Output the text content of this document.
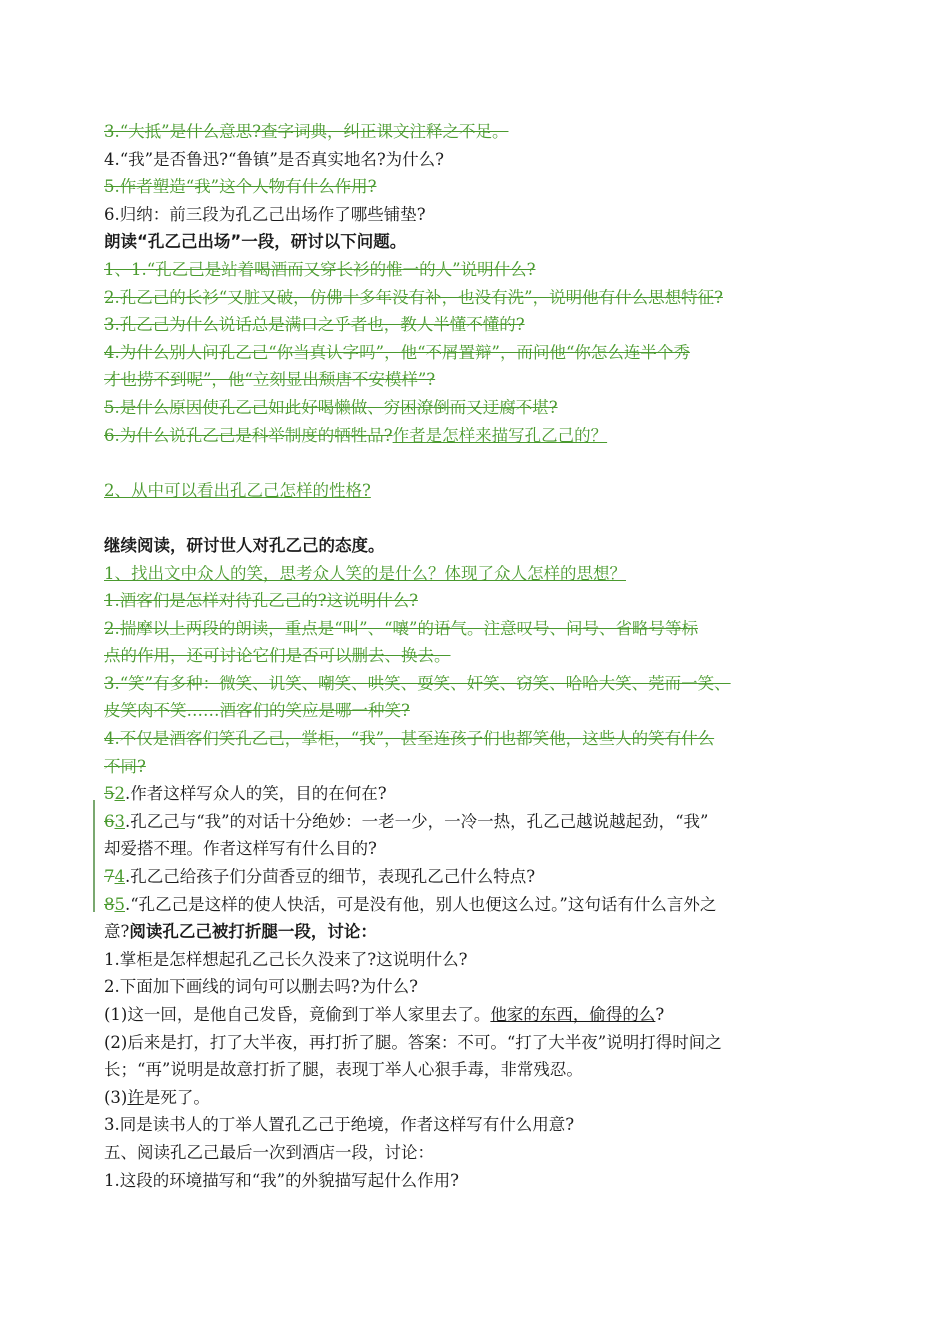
3.“大抵”是什么意思?查字词典，纠正课文注释之不足。
4.“我”是否鲁迅?“鲁镇”是否真实地名?为什么?
5.作者塑造“我”这个人物有什么作用?
6.归纳：前三段为孔乙己出场作了哪些铺垫?
朗读“孔乙己出场”一段，研讨以下问题。
1、1.“孔乙己是站着喝酒而又穿长衫的惟一的人”说明什么?
2.孔乙己的长衫“又脏又破，仿佛十多年没有补，也没有洗”，说明他有什么思想特征?
3.孔乙己为什么说话总是满口之乎者也，教人半懂不懂的?
4.为什么别人问孔乙己“你当真认字吗”，他“不屑置辩”，而问他“你怎么连半个秀
才也捞不到呢”，他“立刻显出颓唐不安模样”?
5.是什么原因使孔乙己如此好喝懒做、穷困潦倒而又迂腐不堪?
6.为什么说孔乙己是科举制度的牺牲品?作者是怎样来描写孔乙己的？
2、从中可以看出孔乙己怎样的性格?
继续阅读，研讨世人对孔乙己的态度。
1、找出文中众人的笑，思考众人笑的是什么？体现了众人怎样的思想？
1.酒客们是怎样对待孔乙己的?这说明什么?
2.揣摩以上两段的朗读，重点是“叫”、“嚷”的语气。注意叹号、问号、省略号等标
点的作用，还可讨论它们是否可以删去、换去。
3.“笑”有多种：微笑、讥笑、嘲笑、哄笑、耍笑、奸笑、窃笑、哈哈大笑、莞而一笑、
皮笑肉不笑……酒客们的笑应是哪一种笑?
4.不仅是酒客们笑孔乙己，掌柜，“我”，甚至连孩子们也都笑他，这些人的笑有什么
不同?
52.作者这样写众人的笑，目的在何在?
63.孔乙己与“我”的对话十分绝妙：一老一少，一冷一热，孔乙己越说越起劲，“我”
却爱搭不理。作者这样写有什么目的?
74.孔乙己给孩子们分茴香豆的细节，表现孔乙己什么特点?
85.“孔乙己是这样的使人快活，可是没有他，别人也便这么过。”这句话有什么言外之
意?阅读孔乙己被打折腿一段，讨论：
1.掌柜是怎样想起孔乙己长久没来了?这说明什么?
2.下面加下画线的词句可以删去吗?为什么?
(1)这一回，是他自己发昏，竟偷到丁举人家里去了。他家的东西，偷得的么?
(2)后来是打，打了大半夜，再打折了腿。答案：不可。“打了大半夜”说明打得时间之
长；“再”说明是故意打折了腿，表现丁举人心狠手毒，非常残忍。
(3)许是死了。
3.同是读书人的丁举人置孔乙己于绝境，作者这样写有什么用意?
五、阅读孔乙己最后一次到酒店一段，讨论：
1.这段的环境描写和“我”的外貌描写起什么作用?
